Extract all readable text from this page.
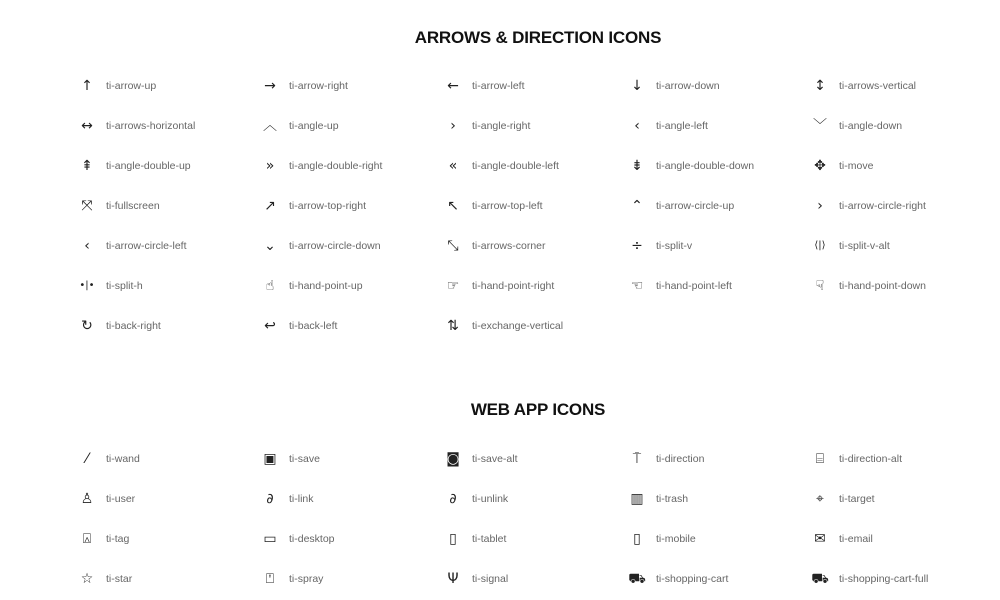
ARROWS & DIRECTION ICONS
↑ ti-arrow-up	→ ti-arrow-right	← ti-arrow-left	↓ ti-arrow-down	↕ ti-arrows-vertical
↔ ti-arrows-horizontal	︿ ti-angle-up	›	ti-angle-right	‹	ti-angle-left	﹀ ti-angle-down
⇞ ti-angle-double-up	»	ti-angle-double-right	«	ti-angle-double-left	⇟ ti-angle-double-down	✥ ti-move
⤧	ti-fullscreen	↗ ti-arrow-top-right	↖ ti-arrow-top-left	⌃ ti-arrow-circle-up	›	ti-arrow-circle-right
‹	ti-arrow-circle-left	⌄ ti-arrow-circle-down	⤡	ti-arrows-corner	÷ ti-split-v	⟨|⟩	ti-split-v-alt
•|• ti-split-h	☝	ti-hand-point-up	☞ ti-hand-point-right	☜ ti-hand-point-left	☟	ti-hand-point-down
↻ ti-back-right	↩ ti-back-left	⇅ ti-exchange-vertical
WEB APP ICONS
⁄	ti-wand	▣ ti-save	◙ ti-save-alt	⍑	ti-direction	⌸	ti-direction-alt
♙ ti-user	∂	ti-link	∂	ti-unlink	▥ ti-trash	⌖	ti-target
⍓	ti-tag	▭ ti-desktop	▯	ti-tablet	▯	ti-mobile	✉ ti-email
☆ ti-star	⍞	ti-spray	Ψ	ti-signal	⛟ ti-shopping-cart	⛟ ti-shopping-cart-full
